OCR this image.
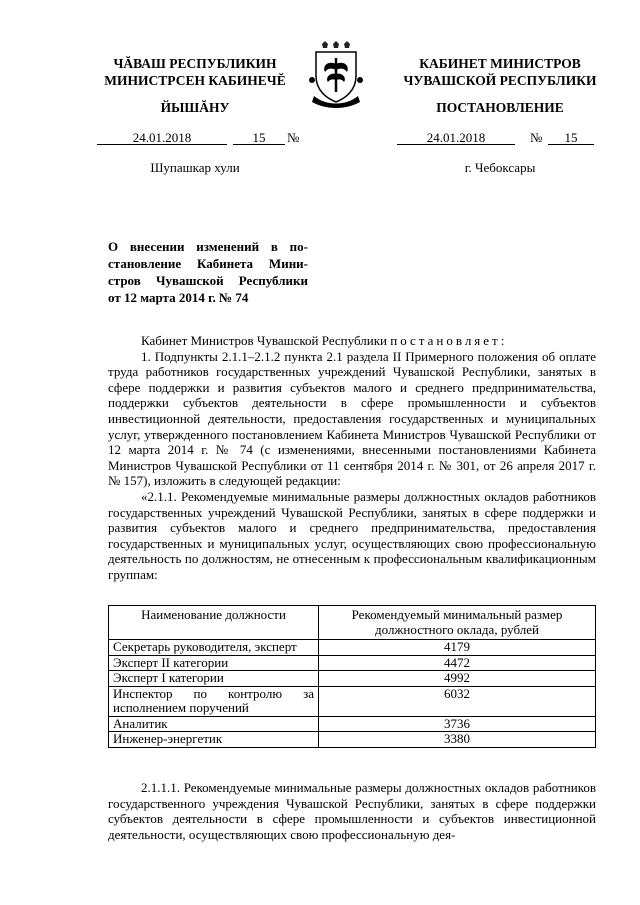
ЧĂВАШ РЕСПУБЛИКИН
МИНИСТРСЕН КАБИНЕЧĔ
ЙЫШĂНУ
КАБИНЕТ МИНИСТРОВ
ЧУВАШСКОЙ РЕСПУБЛИКИ
ПОСТАНОВЛЕНИЕ
24.01.2018	15	№	24.01.2018	№	15
Шупашкар хули	г. Чебоксары
О внесении изменений в по-
становление Кабинета Мини-
стров Чувашской Республики
от 12 марта 2014 г. № 74
Кабинет Министров Чувашской Республики постановляет:
1. Подпункты 2.1.1–2.1.2 пункта 2.1 раздела II Примерного положения об оплате труда работников государственных учреждений Чувашской Республики, занятых в сфере поддержки и развития субъектов малого и среднего предпринимательства, поддержки субъектов деятельности в сфере промышленности и субъектов инвестиционной деятельности, предоставления государственных и муниципальных услуг, утвержденного постановлением Кабинета Министров Чувашской Республики от 12 марта 2014 г. № 74 (с изменениями, внесенными постановлениями Кабинета Министров Чувашской Республики от 11 сентября 2014 г. № 301, от 26 апреля 2017 г. № 157), изложить в следующей редакции:
«2.1.1. Рекомендуемые минимальные размеры должностных окладов работников государственных учреждений Чувашской Республики, занятых в сфере поддержки и развития субъектов малого и среднего предпринимательства, предоставления государственных и муниципальных услуг, осуществляющих свою профессиональную деятельность по должностям, не отнесенным к профессиональным квалификационным группам:
Наименование должности	Рекомендуемый минимальный размер должностного оклада, рублей
Секретарь руководителя, эксперт	4179
Эксперт II категории	4472
Эксперт I категории	4992
Инспектор по контролю за исполнением поручений	6032
Аналитик	3736
Инженер-энергетик	3380
2.1.1.1. Рекомендуемые минимальные размеры должностных окладов работников государственного учреждения Чувашской Республики, занятых в сфере поддержки субъектов деятельности в сфере промышленности и субъектов инвестиционной деятельности, осуществляющих свою профессиональную дея-
